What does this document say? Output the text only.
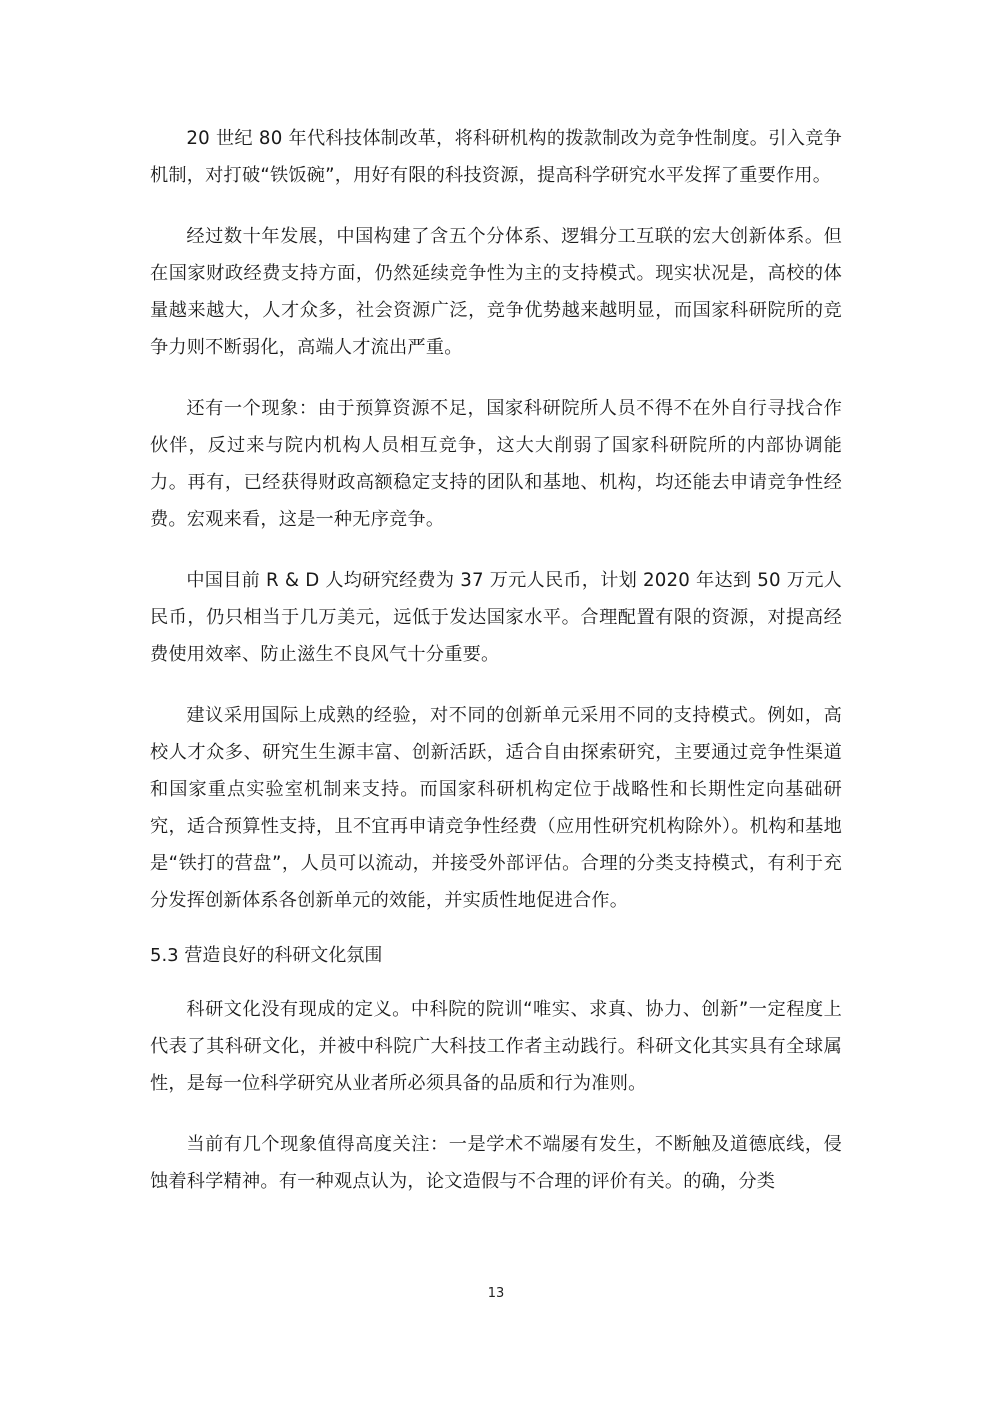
20 世纪 80 年代科技体制改革，将科研机构的拨款制改为竞争性制度。引入竞争机制，对打破“铁饭碗”，用好有限的科技资源，提高科学研究水平发挥了重要作用。

经过数十年发展，中国构建了含五个分体系、逻辑分工互联的宏大创新体系。但在国家财政经费支持方面，仍然延续竞争性为主的支持模式。现实状况是，高校的体量越来越大，人才众多，社会资源广泛，竞争优势越来越明显，而国家科研院所的竞争力则不断弱化，高端人才流出严重。

还有一个现象：由于预算资源不足，国家科研院所人员不得不在外自行寻找合作伙伴，反过来与院内机构人员相互竞争，这大大削弱了国家科研院所的内部协调能力。再有，已经获得财政高额稳定支持的团队和基地、机构，均还能去申请竞争性经费。宏观来看，这是一种无序竞争。

中国目前 R & D 人均研究经费为 37 万元人民币，计划 2020 年达到 50 万元人民币，仍只相当于几万美元，远低于发达国家水平。合理配置有限的资源，对提高经费使用效率、防止滋生不良风气十分重要。

建议采用国际上成熟的经验，对不同的创新单元采用不同的支持模式。例如，高校人才众多、研究生生源丰富、创新活跃，适合自由探索研究，主要通过竞争性渠道和国家重点实验室机制来支持。而国家科研机构定位于战略性和长期性定向基础研究，适合预算性支持，且不宜再申请竞争性经费（应用性研究机构除外）。机构和基地是“铁打的营盘”，人员可以流动，并接受外部评估。合理的分类支持模式，有利于充分发挥创新体系各创新单元的效能，并实质性地促进合作。

5.3 营造良好的科研文化氛围

科研文化没有现成的定义。中科院的院训“唯实、求真、协力、创新”一定程度上代表了其科研文化，并被中科院广大科技工作者主动践行。科研文化其实具有全球属性，是每一位科学研究从业者所必须具备的品质和行为准则。

当前有几个现象值得高度关注：一是学术不端屡有发生，不断触及道德底线，侵蚀着科学精神。有一种观点认为，论文造假与不合理的评价有关。的确，分类

13
